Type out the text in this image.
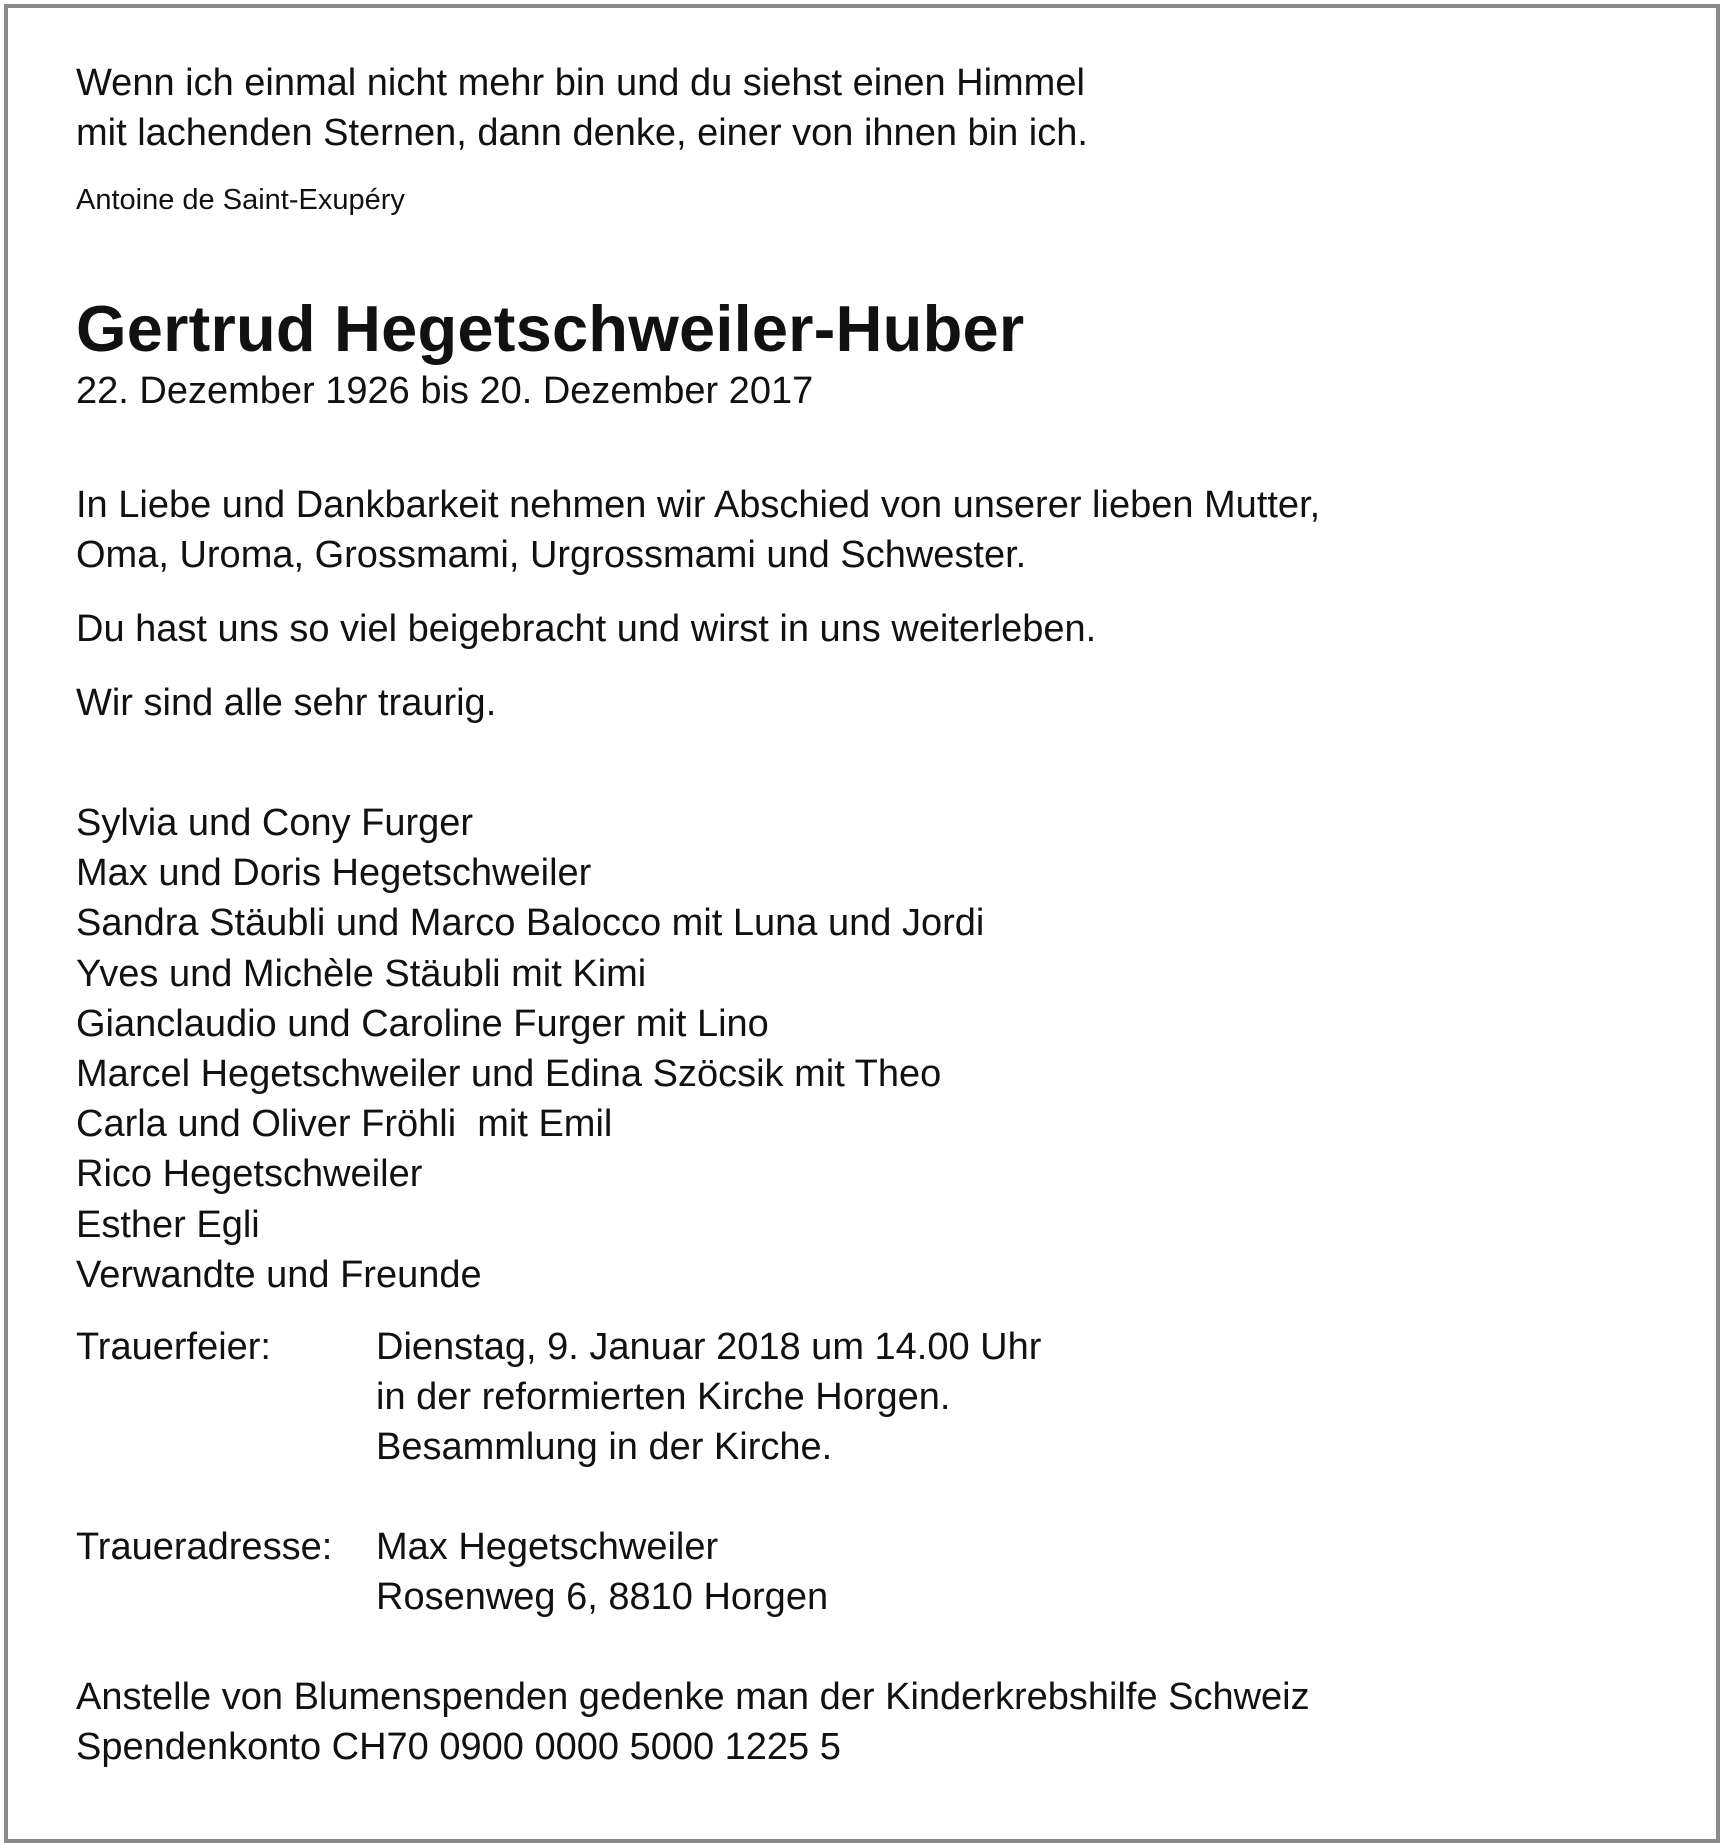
Wenn ich einmal nicht mehr bin und du siehst einen Himmel
mit lachenden Sternen, dann denke, einer von ihnen bin ich.
Antoine de Saint-Exupéry
Gertrud Hegetschweiler-Huber
22. Dezember 1926 bis 20. Dezember 2017
In Liebe und Dankbarkeit nehmen wir Abschied von unserer lieben Mutter,
Oma, Uroma, Grossmami, Urgrossmami und Schwester.
Du hast uns so viel beigebracht und wirst in uns weiterleben.
Wir sind alle sehr traurig.
Sylvia und Cony Furger
Max und Doris Hegetschweiler
Sandra Stäubli und Marco Balocco mit Luna und Jordi
Yves und Michèle Stäubli mit Kimi
Gianclaudio und Caroline Furger mit Lino
Marcel Hegetschweiler und Edina Szöcsik mit Theo
Carla und Oliver Fröhli  mit Emil
Rico Hegetschweiler
Esther Egli
Verwandte und Freunde
Trauerfeier:	Dienstag, 9. Januar 2018 um 14.00 Uhr
in der reformierten Kirche Horgen.
Besammlung in der Kirche.
Traueradresse:	Max Hegetschweiler
Rosenweg 6, 8810 Horgen
Anstelle von Blumenspenden gedenke man der Kinderkrebshilfe Schweiz
Spendenkonto CH70 0900 0000 5000 1225 5
